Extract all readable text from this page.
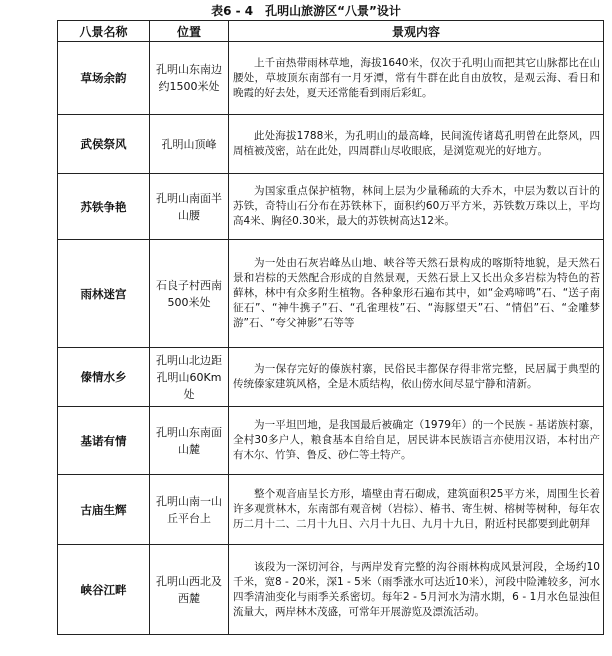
表6 - 4　孔明山旅游区“八景”设计
八景名称	位置	景观内容
草场余韵	孔明山东南边约1500米处	上千亩热带雨林草地，海拔1640米，仅次于孔明山而把其它山脉都比在山腰处，草坡顶东南部有一月牙潭，常有牛群在此自由放牧，是观云海、看日和晚霞的好去处，夏天还常能看到雨后彩虹。

武侯祭风	孔明山顶峰	此处海拔1788米，为孔明山的最高峰，民间流传诸葛孔明曾在此祭风，四周植被茂密，站在此处，四周群山尽收眼底，是浏览观光的好地方。

苏铁争艳	孔明山南面半山腰	为国家重点保护植物，林间上层为少量稀疏的大乔木，中层为数以百计的苏铁，奇特山石分布在苏铁林下，面积约60万平方米，苏铁数万珠以上，平均高4米、胸径0.30米，最大的苏铁树高达12米。

雨林迷宫	石良子村西南500米处	为一处由石灰岩峰丛山地、峡谷等天然石景构成的喀斯特地貌，是天然石景和岩棕的天然配合形成的自然景观，天然石景上又长出众多岩棕为特色的苔藓林，林中有众多附生植物。各种象形石遍布其中，如“金鸡啼鸣”石、“送子南征石”、“神牛携子”石、“孔雀理枝”石、“海豚望天”石、“情侣”石、“金雕梦游”石、“夸父神影”石等等

傣情水乡	孔明山北边距孔明山60Km处	为一保存完好的傣族村寨，民俗民丰都保存得非常完整，民居属于典型的传统傣家建筑风格，全是木质结构，依山傍水间尽显宁静和清新。

基诺有情	孔明山东南面山麓	为一平坦凹地，是我国最后被确定（1979年）的一个民族 - 基诺族村寨，全村30多户人，粮食基本自给自足，居民讲本民族语言亦使用汉语，本村出产有木尔、竹笋、鲁反、砂仁等土特产。

古庙生辉	孔明山南一山丘平台上	整个观音庙呈长方形，墙壁由青石砌成，建筑面积25平方米，周围生长着许多观赏林木，东南部有观音树（岩棕）、椿书、寄生树、榕树等树种，每年农历二月十二、二月十九日、六月十九日、九月十九日，附近村民都要到此朝拜

峡谷江畔	孔明山西北及西麓	该段为一深切河谷，与两岸发育完整的沟谷雨林构成风景河段，全场约10千米，宽8 - 20米，深1 - 5米（雨季涨水可达近10米），河段中险滩较多，河水四季清油变化与雨季关系密切。每年2 - 5月河水为清水期，6 - 1月水色显浊但流量大，两岸林木茂盛，可常年开展游览及漂流活动。
